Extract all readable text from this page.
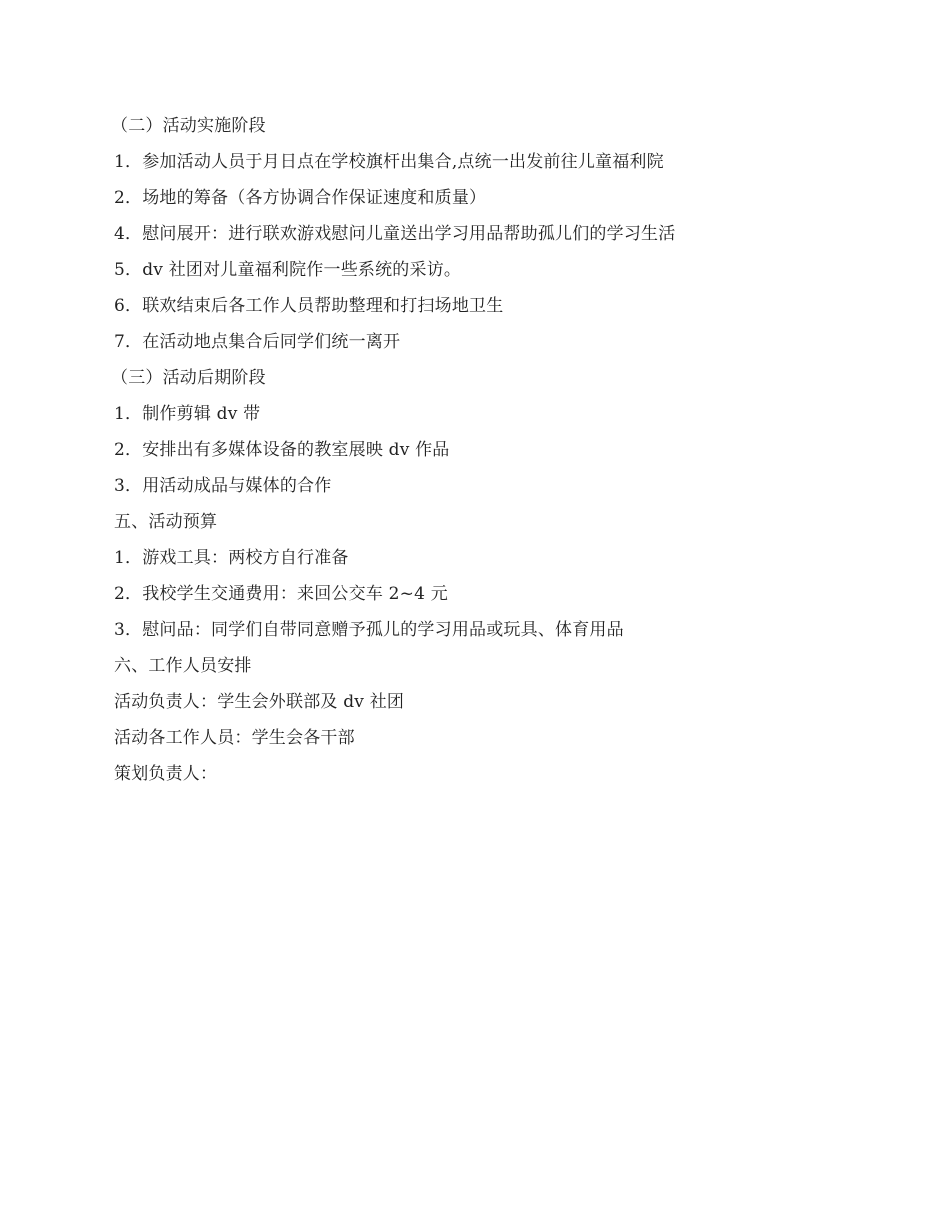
（二）活动实施阶段
1．参加活动人员于月日点在学校旗杆出集合,点统一出发前往儿童福利院
2．场地的筹备（各方协调合作保证速度和质量）
4．慰问展开：进行联欢游戏慰问儿童送出学习用品帮助孤儿们的学习生活
5．dv 社团对儿童福利院作一些系统的采访。
6．联欢结束后各工作人员帮助整理和打扫场地卫生
7．在活动地点集合后同学们统一离开
（三）活动后期阶段
1．制作剪辑 dv 带
2．安排出有多媒体设备的教室展映 dv 作品
3．用活动成品与媒体的合作
五、活动预算
1．游戏工具：两校方自行准备
2．我校学生交通费用：来回公交车 2~4 元
3．慰问品：同学们自带同意赠予孤儿的学习用品或玩具、体育用品
六、工作人员安排
活动负责人：学生会外联部及 dv 社团
活动各工作人员：学生会各干部
策划负责人：
